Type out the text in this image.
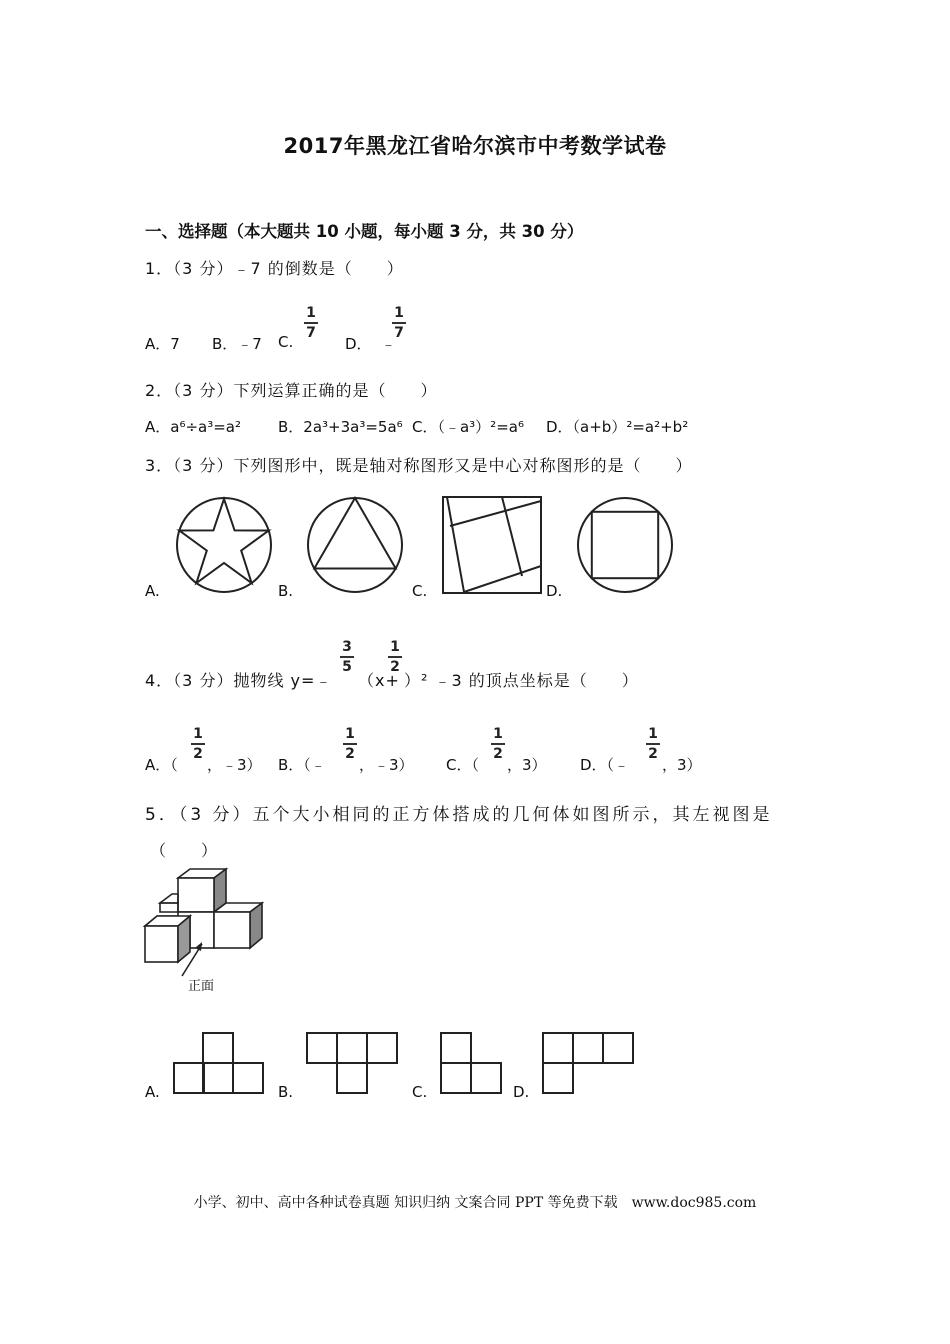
2017年黑龙江省哈尔滨市中考数学试卷
一、选择题（本大题共 10 小题，每小题 3 分，共 30 分）
1．（3 分）﹣7 的倒数是（　　）
A．7 B．﹣7 C.
1
7
D． ﹣
1
7
2．（3 分）下列运算正确的是（　　）
A．a⁶÷a³=a² B．2a³+3a³=5a⁶ C．（﹣a³）²=a⁶ D．（a+b）²=a²+b²
3．（3 分）下列图形中，既是轴对称图形又是中心对称图形的是（　　）
A.	B.	C.	D.
4．（3 分）抛物线 y=﹣
3
5
（x+
1
2
）² ﹣3 的顶点坐标是（　　）
A．（
1
2
，﹣3） B．（﹣
1
2
，﹣3） C．（
1
2
，3） D．（﹣
1
2
，3）
5．（3 分）五个大小相同的正方体搭成的几何体如图所示，其左视图是
（　　）
正面
A.	B.	C.	D.
小学、初中、高中各种试卷真题 知识归纳 文案合同 PPT 等免费下载　www.doc985.com
